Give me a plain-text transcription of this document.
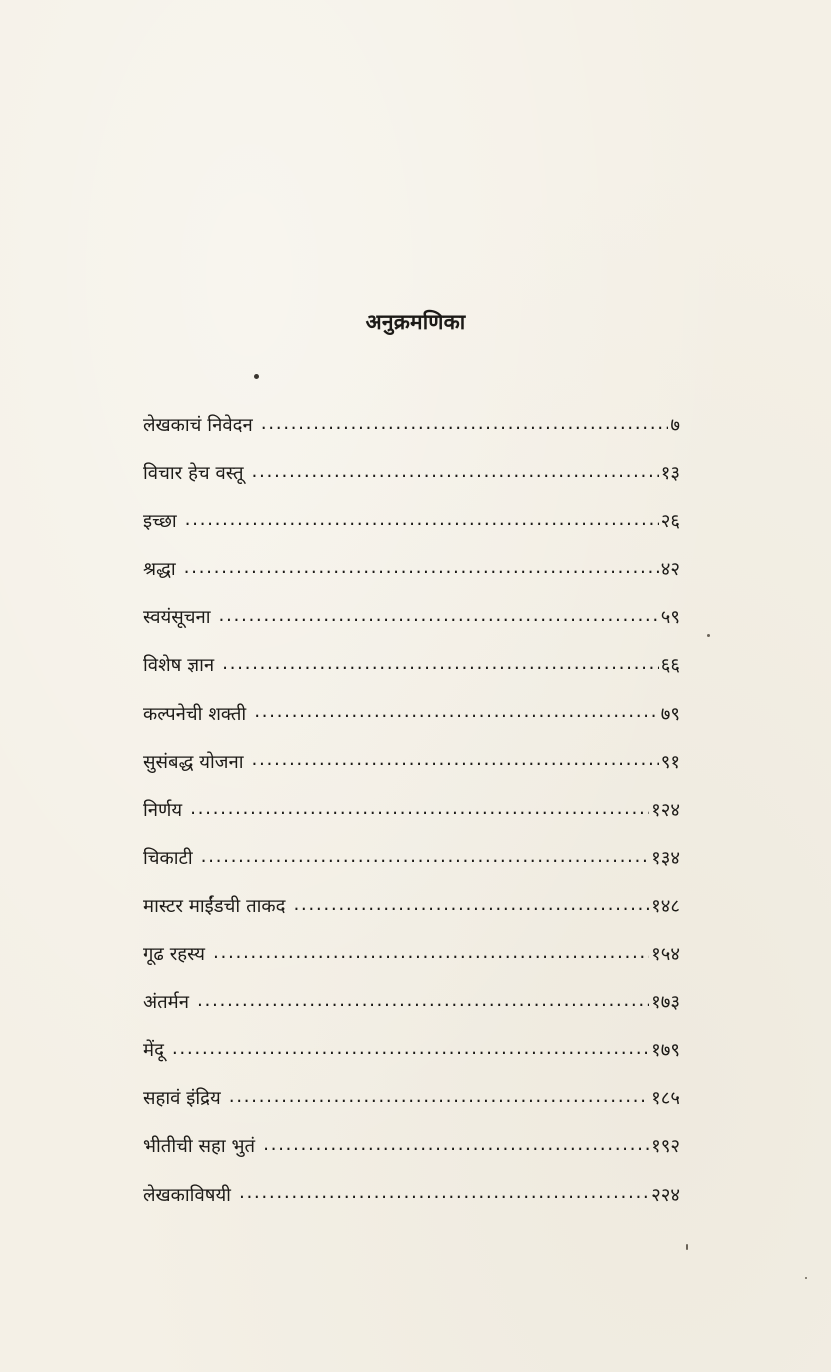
अनुक्रमणिका
लेखकाचं निवेदन .....	७
विचार हेच वस्तू .....	१३
इच्छा .....	२६
श्रद्धा .....	४२
स्वयंसूचना .....	५९
विशेष ज्ञान .....	६६
कल्पनेची शक्ती .....	७९
सुसंबद्ध योजना .....	९१
निर्णय .....	१२४
चिकाटी .....	१३४
मास्टर माईंडची ताकद .....	१४८
गूढ रहस्य .....	१५४
अंतर्मन .....	१७३
मेंदू .....	१७९
सहावं इंद्रिय .....	१८५
भीतीची सहा भुतं .....	१९२
लेखकाविषयी .....	२२४
